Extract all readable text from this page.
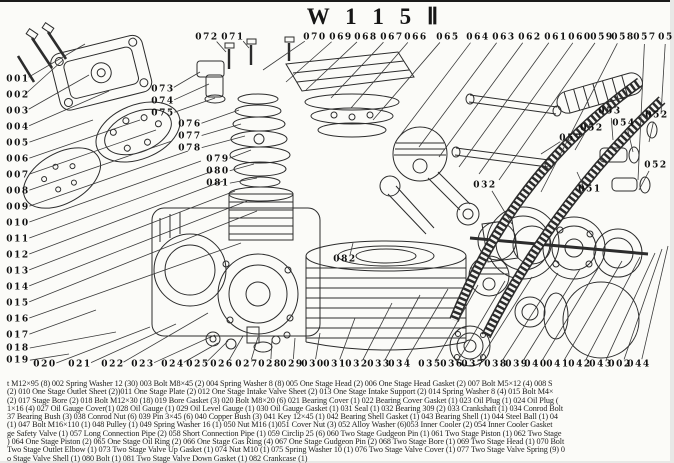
072 071	070 069 068 067 066 065 064 063 062 061 060
059
058
057 05
001
002
003
004
005
006
007
008
009
010
011
012
013
014
015
016
017
018
019 020 021 022 023 024 025 026 027 028
029
030
031
032
033
034 035
036
037 038
039
040
041
042
043
002
044
073
074
075
076
077
078
079
080
081
082
032
057
052
051
053
054
052
052
W 1 1 5 Ⅱ
t M12×95 (8) 002 Spring Washer 12 (30) 003 Bolt M8×45 (2) 004 Spring Washer 8 (8) 005 One Stage Head (2) 006 One Stage Head Gasket (2) 007 Bolt M5×12 (4) 008 S
(2) 010 One Stage Outlet Sheet (2))011 One Stage Plate (2) 012 One Stage Intake Valve Sheet (2) 013 One Stage Intake Support (2) 014 Spring Washer 8 (4) 015 Bolt M4×
(2) 017 Stage Bore (2) 018 Bolt M12×30 (18) 019 Bore Gasket (3) 020 Bolt M8×20 (6) 021 Bearing Cover (1) 022 Bearing Cover Gasket (1) 023 Oil Plug (1) 024 Oil Plug (
1×16 (4) 027 Oil Gauge Cover(1) 028 Oil Gauge (1) 029 Oil Level Gauge (1) 030 Oil Gauge Gasket (1) 031 Seal (1) 032 Bearing 309 (2) 033 Crankshaft (1) 034 Conrod Bolt
37 Bearing Bush (3) 038 Conrod Nut (6) 039 Pin 3×45 (6) 040 Copper Bush (3) 041 Key 12×45 (1) 042 Bearing Shell Gasket (1) 043 Bearing Shell (1) 044 Steel Ball (1) 04
(1) 047 Bolt M16×110 (1) 048 Pulley (1) 049 Spring Washer 16 (1) 050 Nut M16 (1)051 Cover Nut (3) 052 Alloy Washer (6)053 Inner Cooler (2) 054 Inner Cooler Gasket
ge Safety Valve (1) 057 Long Connection Pipe (2) 058 Short Connection Pipe (1) 059 Circlip 25 (6) 060 Two Stage Gudgeon Pin (1) 061 Two Stage Piston (1) 062 Two Stage
) 064 One Stage Piston (2) 065 One Stage Oil Ring (2) 066 One Stage Gas Ring (4) 067 One Stage Gudgeon Pin (2) 068 Two Stage Bore (1) 069 Two Stage Head (1) 070 Bolt
Two Stage Outlet Elbow (1) 073 Two Stage Valve Up Gasket (1) 074 Nut M10 (1) 075 Spring Washer 10 (1) 076 Two Stage Valve Cover (1) 077 Two Stage Valve Spring (9) 0
o Stage Valve Shell (1) 080 Bolt (1) 081 Two Stage Valve Down Gasket (1) 082 Crankcase (1)
